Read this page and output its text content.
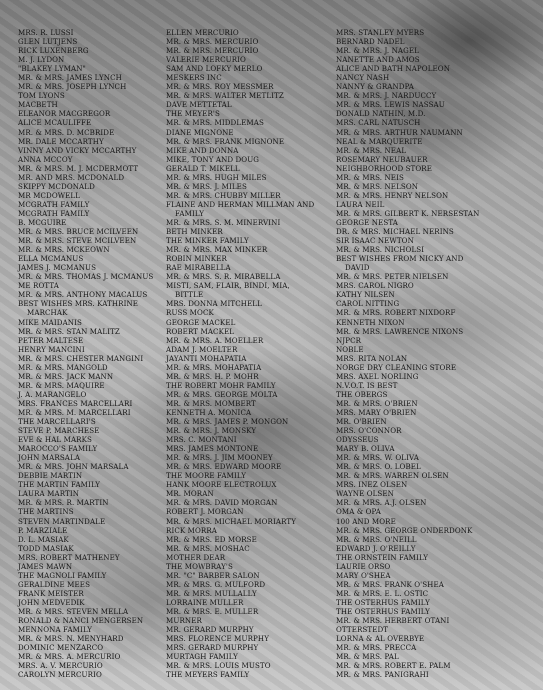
MRS. R. LUSSI
GLEN LUTJENS
RICK LUXENBERG
M. J. LYDON
"BLAKEY LYMAN"
MR. & MRS. JAMES LYNCH
MR. & MRS. JOSEPH LYNCH
TOM LYONS
MACBETH
ELEANOR MACGREGOR
ALICE MCAULIFFE
MR. & MRS. D. MCBRIDE
MR. DALE MCCARTHY
VINNY AND VICKY MCCARTHY
ANNA MCCOY
MR. & MRS. M. J. MCDERMOTT
MR. AND MRS. MCDONALD
SKIPPY MCDONALD
MR MCDOWELL
MCGRATH FAMILY
MCGRATH FAMILY
B. MCGUIRE
MR. & MRS. BRUCE MCILVEEN
MR. & MRS. STEVE MCILVEEN
MR. & MRS. MCKEOWN
ELLA MCMANUS
JAMES J. MCMANUS
MR. & MRS. THOMAS J. MCMANUS
ME ROTTA
MR. & MRS. ANTHONY MACALUS
BEST WISHES MRS. KATHRINE
MARCHAK
MIKE MAIDANIS
MR. & MRS. STAN MALITZ
PETER MALTESE
HENRY MANCINI
MR. & MRS. CHESTER MANGINI
MR. & MRS. MANGOLD
MR. & MRS. JACK MANN
MR. & MRS. MAQUIRE
J. A. MARANGELO
MRS. FRANCES MARCELLARI
MR. & MRS. M. MARCELLARI
THE MARCELLARI'S
STEVE P. MARCHESE
EVE & HAL MARKS
MAROCCO'S FAMILY
JOHN MARSALA
MR. & MRS. JOHN MARSALA
DEBBIE MARTIN
THE MARTIN FAMILY
LAURA MARTIN
MR. & MRS. R. MARTIN
THE MARTINS
STEVEN MARTINDALE
P. MARZIALE
D. L. MASIAK
TODD MASIAK
MRS. ROBERT MATHENEY
JAMES MAWN
THE MAGNOLI FAMILY
GERALDINE MEES
FRANK MEISTER
JOHN MEDVEDIK
MR. & MRS. STEVEN MELLA
RONALD & NANCI MENGERSEN
MENNONA FAMILY
MR. & MRS. N. MENYHARD
DOMINIC MENZARCO
MR. & MRS. A. MERCURIO
MRS. A. V. MERCURIO
CAROLYN MERCURIO
ELLEN MERCURIO
MR. & MRS. MERCURIO
MR. & MRS. MERCURIO
VALERIE MERCURIO
SAM AND LOFKY MERLO
MESKERS INC
MR. & MRS. ROY MESSMER
MR. & MRS. WALTER METLITZ
DAVE METTETAL
THE MEYER'S
MR. & MRS. MIDDLEMAS
DIANE MIGNONE
MR. & MRS. FRANK MIGNONE
MIKE AND DONNA
MIKE, TONY AND DOUG
GERALD T. MIKELL
MR. & MRS. HUGH MILES
MR. & MRS. J. MILES
MR. & MRS. CHUBBY MILLER
FLAINE AND HERMAN MILLMAN AND
FAMILY
MR. & MRS. S. M. MINERVINI
BETH MINKER
THE MINKER FAMILY
MR. & MRS. MAX MINKER
ROBIN MINKER
RAE MIRABELLA
MR. & MRS. S. R. MIRABELLA
MISTI, SAM, FLAIR, BINDI, MIA,
BITTLE
MRS. DONNA MITCHELL
RUSS MOCK
GEORGE MACKEL
ROBERT MACKEL
MR. & MRS. A. MOELLER
ADAM J. MOELTER
JAYANTI MOHAPATIA
MR. & MRS. MOHAPATIA
MR. & MRS. H. P. MOHR
THE ROBERT MOHR FAMILY
MR. & MRS. GEORGE MOLTA
MR. & MRS. MOMBERT
KENNETH A. MONICA
MR. & MRS. JAMES P. MONGON
MR. & MRS. J. MONSKY
MRS. C. MONTANI
MRS. JAMES MONTONE
MR. & MRS. J. JIM MOONEY
MR. & MRS. EDWARD MOORE
THE MOORE FAMILY
HANK MOORE ELECTROLUX
MR. MORAN
MR. & MRS. DAVID MORGAN
ROBERT J. MORGAN
MR. & MRS. MICHAEL MORIARTY
RICK MORRA
MR. & MRS. ED MORSE
MR. & MRS. MOSHAC
MOTHER DEAR
THE MOWBRAY'S
MR. "C" BARBER SALON
MR. & MRS. G. MULFORD
MR. & MRS. MULLALLY
LORRAINE MULLER
MR. & MRS. E. MULLER
MURNER
MR. GERARD MURPHY
MRS. FLORENCE MURPHY
MRS. GERARD MURPHY
MURTAGH FAMILY
MR. & MRS. LOUIS MUSTO
THE MEYERS FAMILY
MRS. STANLEY MYERS
BERNARD NADEL
MR. & MRS. J. NAGEL
NANETTE AND AMOS
ALICE AND BATH NAPOLEON
NANCY NASH
NANNY & GRANDPA
MR. & MRS. J. NARDUCCY
MR. & MRS. LEWIS NASSAU
DONALD NATHIN, M.D.
MRS. CARL NATUSCH
MR. & MRS. ARTHUR NAUMANN
NEAL & MARQUERITE
MR. & MRS. NEAL
ROSEMARY NEUBAUER
NEIGHBORHOOD STORE
MR. & MRS. NEIS
MR. & MRS. NELSON
MR. & MRS. HENRY NELSON
LAURA NEIL
MR. & MRS. GILBERT K. NERSESTAN
GEORGE NESTA
DR. & MRS. MICHAEL NERINS
SIR ISAAC NEWTON
MR. & MRS. NICHOLSI
BEST WISHES FROM NICKY AND
DAVID
MR. & MRS. PETER NIELSEN
MRS. CAROL NIGRO
KATHY NILSEN
CAROL NITTING
MR. & MRS. ROBERT NIXDORF
KENNETH NIXON
MR. & MRS. LAWRENCE NIXONS
NJPCR
NOBLE
MRS. RITA NOLAN
NORGE DRY CLEANING STORE
MRS. AXEL NORLING
N.V.O.T. IS BEST
THE OBERGS
MR. & MRS. O'BRIEN
MRS. MARY O'BRIEN
MR. O'BRIEN
MRS. O'CONNOR
ODYSSEUS
MARY B. OLIVA
MR. & MRS. W. OLIVA
MR. & MRS. O. LOBEL
MR. & MRS. WARREN OLSEN
MRS. INEZ OLSEN
WAYNE OLSEN
MR. & MRS. A.J. OLSEN
OMA & OPA
100 AND MORE
MR. & MRS. GEORGE ONDERDONK
MR. & MRS. O'NEILL
EDWARD J. O'REILLY
THE ORNSTEIN FAMILY
LAURIE ORSO
MARY O'SHEA
MR. & MRS. FRANK O'SHEA
MR. & MRS. E. L. OSTIC
THE OSTERHUS FAMILY
THE OSTERHUS FAMILY
MR. & MRS. HERBERT OTANI
OTTERSTEDT
LORNA & AL OVERBYE
MR. & MRS. PRECCA
MR. & MRS. PAL
MR. & MRS. ROBERT E. PALM
MR. & MRS. PANIGRAHI
